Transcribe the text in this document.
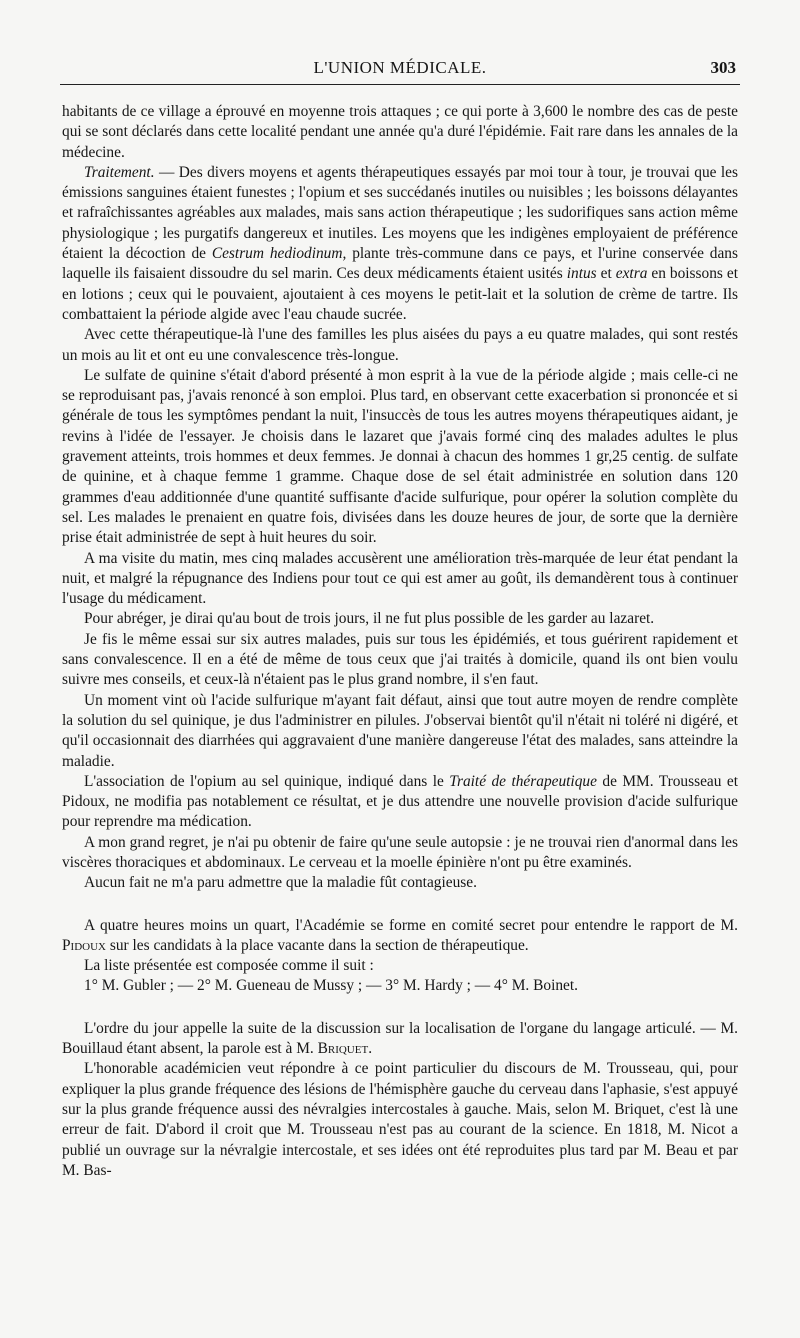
L'UNION MÉDICALE.	303

habitants de ce village a éprouvé en moyenne trois attaques ; ce qui porte à 3,600 le nombre des cas de peste qui se sont déclarés dans cette localité pendant une année qu'a duré l'épidémie. Fait rare dans les annales de la médecine.

Traitement. — Des divers moyens et agents thérapeutiques essayés par moi tour à tour, je trouvai que les émissions sanguines étaient funestes ; l'opium et ses succédanés inutiles ou nuisibles ; les boissons délayantes et rafraîchissantes agréables aux malades, mais sans action thérapeutique ; les sudorifiques sans action même physiologique ; les purgatifs dangereux et inutiles. Les moyens que les indigènes employaient de préférence étaient la décoction de Cestrum hediodinum, plante très-commune dans ce pays, et l'urine conservée dans laquelle ils faisaient dissoudre du sel marin. Ces deux médicaments étaient usités intus et extra en boissons et en lotions ; ceux qui le pouvaient, ajoutaient à ces moyens le petit-lait et la solution de crème de tartre. Ils combattaient la période algide avec l'eau chaude sucrée.

Avec cette thérapeutique-là l'une des familles les plus aisées du pays a eu quatre malades, qui sont restés un mois au lit et ont eu une convalescence très-longue.

Le sulfate de quinine s'était d'abord présenté à mon esprit à la vue de la période algide ; mais celle-ci ne se reproduisant pas, j'avais renoncé à son emploi. Plus tard, en observant cette exacerbation si prononcée et si générale de tous les symptômes pendant la nuit, l'insuccès de tous les autres moyens thérapeutiques aidant, je revins à l'idée de l'essayer. Je choisis dans le lazaret que j'avais formé cinq des malades adultes le plus gravement atteints, trois hommes et deux femmes. Je donnai à chacun des hommes 1 gr,25 centig. de sulfate de quinine, et à chaque femme 1 gramme. Chaque dose de sel était administrée en solution dans 120 grammes d'eau additionnée d'une quantité suffisante d'acide sulfurique, pour opérer la solution complète du sel. Les malades le prenaient en quatre fois, divisées dans les douze heures de jour, de sorte que la dernière prise était administrée de sept à huit heures du soir.

A ma visite du matin, mes cinq malades accusèrent une amélioration très-marquée de leur état pendant la nuit, et malgré la répugnance des Indiens pour tout ce qui est amer au goût, ils demandèrent tous à continuer l'usage du médicament.

Pour abréger, je dirai qu'au bout de trois jours, il ne fut plus possible de les garder au lazaret.

Je fis le même essai sur six autres malades, puis sur tous les épidémiés, et tous guérirent rapidement et sans convalescence. Il en a été de même de tous ceux que j'ai traités à domicile, quand ils ont bien voulu suivre mes conseils, et ceux-là n'étaient pas le plus grand nombre, il s'en faut.

Un moment vint où l'acide sulfurique m'ayant fait défaut, ainsi que tout autre moyen de rendre complète la solution du sel quinique, je dus l'administrer en pilules. J'observai bientôt qu'il n'était ni toléré ni digéré, et qu'il occasionnait des diarrhées qui aggravaient d'une manière dangereuse l'état des malades, sans atteindre la maladie.

L'association de l'opium au sel quinique, indiqué dans le Traité de thérapeutique de MM. Trousseau et Pidoux, ne modifia pas notablement ce résultat, et je dus attendre une nouvelle provision d'acide sulfurique pour reprendre ma médication.

A mon grand regret, je n'ai pu obtenir de faire qu'une seule autopsie : je ne trouvai rien d'anormal dans les viscères thoraciques et abdominaux. Le cerveau et la moelle épinière n'ont pu être examinés.

Aucun fait ne m'a paru admettre que la maladie fût contagieuse.

A quatre heures moins un quart, l'Académie se forme en comité secret pour entendre le rapport de M. Pidoux sur les candidats à la place vacante dans la section de thérapeutique.

La liste présentée est composée comme il suit :

1° M. Gubler ; — 2° M. Gueneau de Mussy ; — 3° M. Hardy ; — 4° M. Boinet.

L'ordre du jour appelle la suite de la discussion sur la localisation de l'organe du langage articulé. — M. Bouillaud étant absent, la parole est à M. Briquet.

L'honorable académicien veut répondre à ce point particulier du discours de M. Trousseau, qui, pour expliquer la plus grande fréquence des lésions de l'hémisphère gauche du cerveau dans l'aphasie, s'est appuyé sur la plus grande fréquence aussi des névralgies intercostales à gauche. Mais, selon M. Briquet, c'est là une erreur de fait. D'abord il croit que M. Trousseau n'est pas au courant de la science. En 1818, M. Nicot a publié un ouvrage sur la névralgie intercostale, et ses idées ont été reproduites plus tard par M. Beau et par M. Bas-
